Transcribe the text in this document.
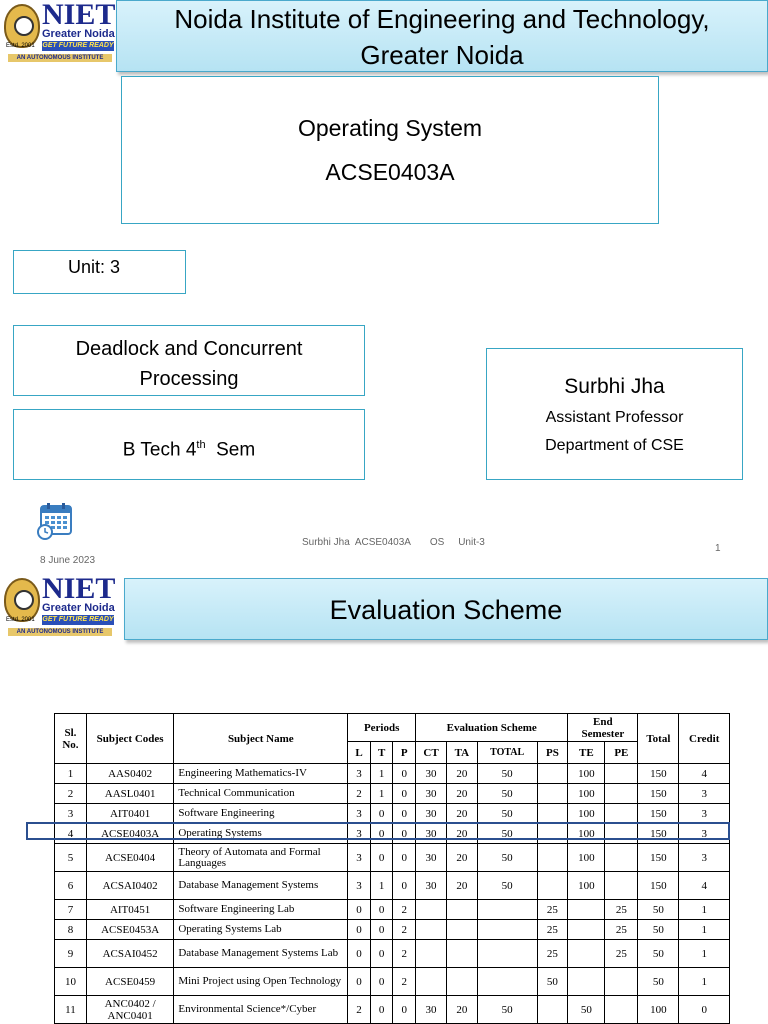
NIET
Greater Noida
GET FUTURE READY
Estd. 2001
AN AUTONOMOUS INSTITUTE
Noida Institute of Engineering and Technology,
Greater Noida
Operating System
ACSE0403A
Unit: 3
Deadlock and Concurrent
Processing
B Tech 4th  Sem
Surbhi Jha
Assistant Professor
Department of CSE
8 June 2023
Surbhi Jha  ACSE0403A       OS     Unit-3
1
NIET
Greater Noida
GET FUTURE READY
Estd. 2001
AN AUTONOMOUS INSTITUTE
Evaluation Scheme
Sl. No.	Subject Codes	Subject Name	Periods			Evaluation Scheme				End Semester		Total	Credit
			L	T	P	CT	TA	TOTAL	PS	TE	PE		
1	AAS0402	Engineering Mathematics-IV	3	1	0	30	20	50		100		150	4
2	AASL0401	Technical Communication	2	1	0	30	20	50		100		150	3
3	AIT0401	Software Engineering	3	0	0	30	20	50		100		150	3
4	ACSE0403A	Operating Systems	3	0	0	30	20	50		100		150	3
5	ACSE0404	Theory of Automata and Formal Languages	3	0	0	30	20	50		100		150	3
6	ACSAI0402	Database Management Systems	3	1	0	30	20	50		100		150	4
7	AIT0451	Software Engineering Lab	0	0	2				25		25	50	1
8	ACSE0453A	Operating Systems Lab	0	0	2				25		25	50	1
9	ACSAI0452	Database Management Systems Lab	0	0	2				25		25	50	1
10	ACSE0459	Mini Project using Open Technology	0	0	2				50			50	1
11	ANC0402 / ANC0401	Environmental Science*/Cyber	2	0	0	30	20	50		50		100	0
